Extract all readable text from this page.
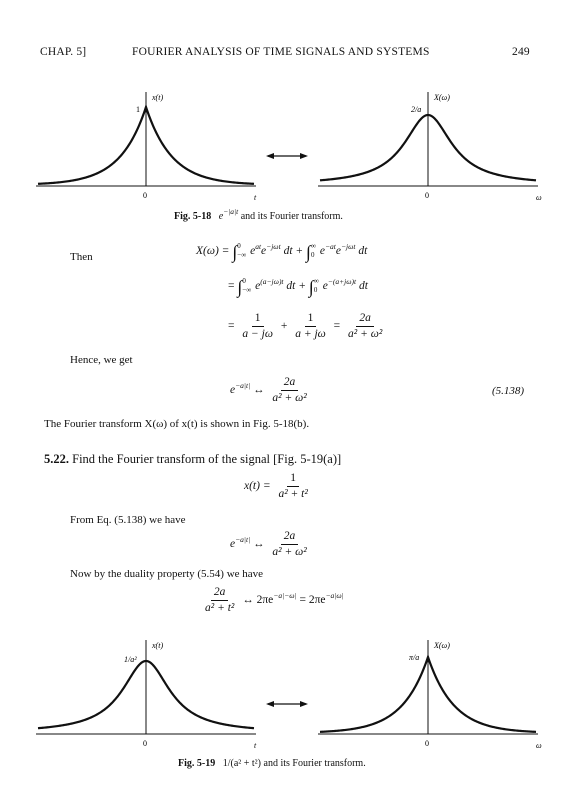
CHAP. 5]	FOURIER ANALYSIS OF TIME SIGNALS AND SYSTEMS	249
x(t)
1
0	t
X(ω)
2/a
0	ω
Fig. 5-18 $e^{-|a|t}$ and its Fourier transform.
Then	X(ω) = ∫ 0
−∞ $e^{at}e^{-j\omega t}$ dt + ∫ ∞
0 $e^{-at}e^{-j\omega t}$ dt
= ∫ 0
−∞ $e^{(a-j\omega)t}$ dt + ∫ ∞
0 $e^{-(a+j\omega)t}$ dt
= $\frac{1}{a - j\omega} + \frac{1}{a + j\omega} = \frac{2a}{\text{a² + ω²}}$
Hence, we get
$e^{-a|t|}$ ↔ $\frac{2a}{\text{a² + ω²}}$	(5.138)
The Fourier transform X(ω) of x(t) is shown in Fig. 5-18(b).
5.22. Find the Fourier transform of the signal [Fig. 5-19(a)]
$x(t) = \frac{1}{\text{a² + t²}}$
From Eq. (5.138) we have
$e^{-a|t|}$ ↔ $\frac{2a}{\text{a² + ω²}}$
Now by the duality property (5.54) we have
$\frac{2a}{\text{a² + t²}}$ ↔ $2\pi e^{-a|-\omega|} = 2\pi e^{-a|\omega|}$
x(t)
1/a²
0	t
X(ω)
π/a
0	ω
Fig. 5-19 1/(a² + t²) and its Fourier transform.
